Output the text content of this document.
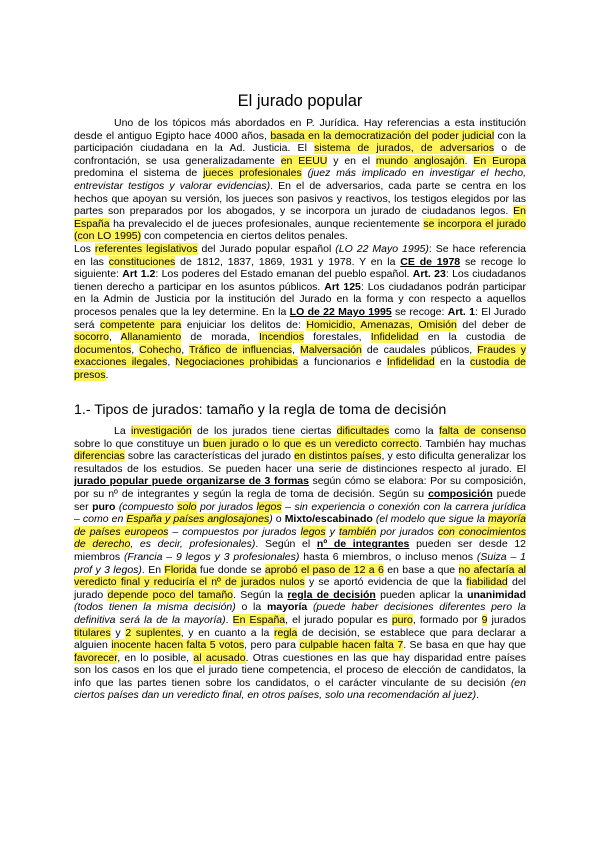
El jurado popular

Uno de los tópicos más abordados en P. Jurídica. Hay referencias a esta institución desde el antiguo Egipto hace 4000 años, basada en la democratización del poder judicial con la participación ciudadana en la Ad. Justicia. El sistema de jurados, de adversarios o de confrontación, se usa generalizadamente en EEUU y en el mundo anglosajón. En Europa predomina el sistema de jueces profesionales (juez más implicado en investigar el hecho, entrevistar testigos y valorar evidencias). En el de adversarios, cada parte se centra en los hechos que apoyan su versión, los jueces son pasivos y reactivos, los testigos elegidos por las partes son preparados por los abogados, y se incorpora un jurado de ciudadanos legos. En España ha prevalecido el de jueces profesionales, aunque recientemente se incorpora el jurado (con LO 1995) con competencia en ciertos delitos penales.

Los referentes legislativos del Jurado popular español (LO 22 Mayo 1995): Se hace referencia en las constituciones de 1812, 1837, 1869, 1931 y 1978. Y en la CE de 1978 se recoge lo siguiente: Art 1.2: Los poderes del Estado emanan del pueblo español. Art. 23: Los ciudadanos tienen derecho a participar en los asuntos públicos. Art 125: Los ciudadanos podrán participar en la Admin de Justicia por la institución del Jurado en la forma y con respecto a aquellos procesos penales que la ley determine. En la LO de 22 Mayo 1995 se recoge: Art. 1: El Jurado será competente para enjuiciar los delitos de: Homicidio, Amenazas, Omisión del deber de socorro, Allanamiento de morada, Incendios forestales, Infidelidad en la custodia de documentos, Cohecho, Tráfico de influencias, Malversación de caudales públicos, Fraudes y exacciones ilegales, Negociaciones prohibidas a funcionarios e Infidelidad en la custodia de presos.

1.- Tipos de jurados: tamaño y la regla de toma de decisión

La investigación de los jurados tiene ciertas dificultades como la falta de consenso sobre lo que constituye un buen jurado o lo que es un veredicto correcto. También hay muchas diferencias sobre las características del jurado en distintos países, y esto dificulta generalizar los resultados de los estudios. Se pueden hacer una serie de distinciones respecto al jurado. El jurado popular puede organizarse de 3 formas según cómo se elabora: Por su composición, por su nº de integrantes y según la regla de toma de decisión. Según su composición puede ser puro (compuesto solo por jurados legos – sin experiencia o conexión con la carrera jurídica – como en España y países anglosajones) o Mixto/escabinado (el modelo que sigue la mayoría de países europeos – compuestos por jurados legos y también por jurados con conocimientos de derecho, es decir, profesionales). Según el nº de integrantes pueden ser desde 12 miembros (Francia – 9 legos y 3 profesionales) hasta 6 miembros, o incluso menos (Suiza – 1 prof y 3 legos). En Florida fue donde se aprobó el paso de 12 a 6 en base a que no afectaría al veredicto final y reduciría el nº de jurados nulos y se aportó evidencia de que la fiabilidad del jurado depende poco del tamaño. Según la regla de decisión pueden aplicar la unanimidad (todos tienen la misma decisión) o la mayoría (puede haber decisiones diferentes pero la definitiva será la de la mayoría). En España, el jurado popular es puro, formado por 9 jurados titulares y 2 suplentes, y en cuanto a la regla de decisión, se establece que para declarar a alguien inocente hacen falta 5 votos, pero para culpable hacen falta 7. Se basa en que hay que favorecer, en lo posible, al acusado. Otras cuestiones en las que hay disparidad entre países son los casos en los que el jurado tiene competencia, el proceso de elección de candidatos, la info que las partes tienen sobre los candidatos, o el carácter vinculante de su decisión (en ciertos países dan un veredicto final, en otros países, solo una recomendación al juez).
